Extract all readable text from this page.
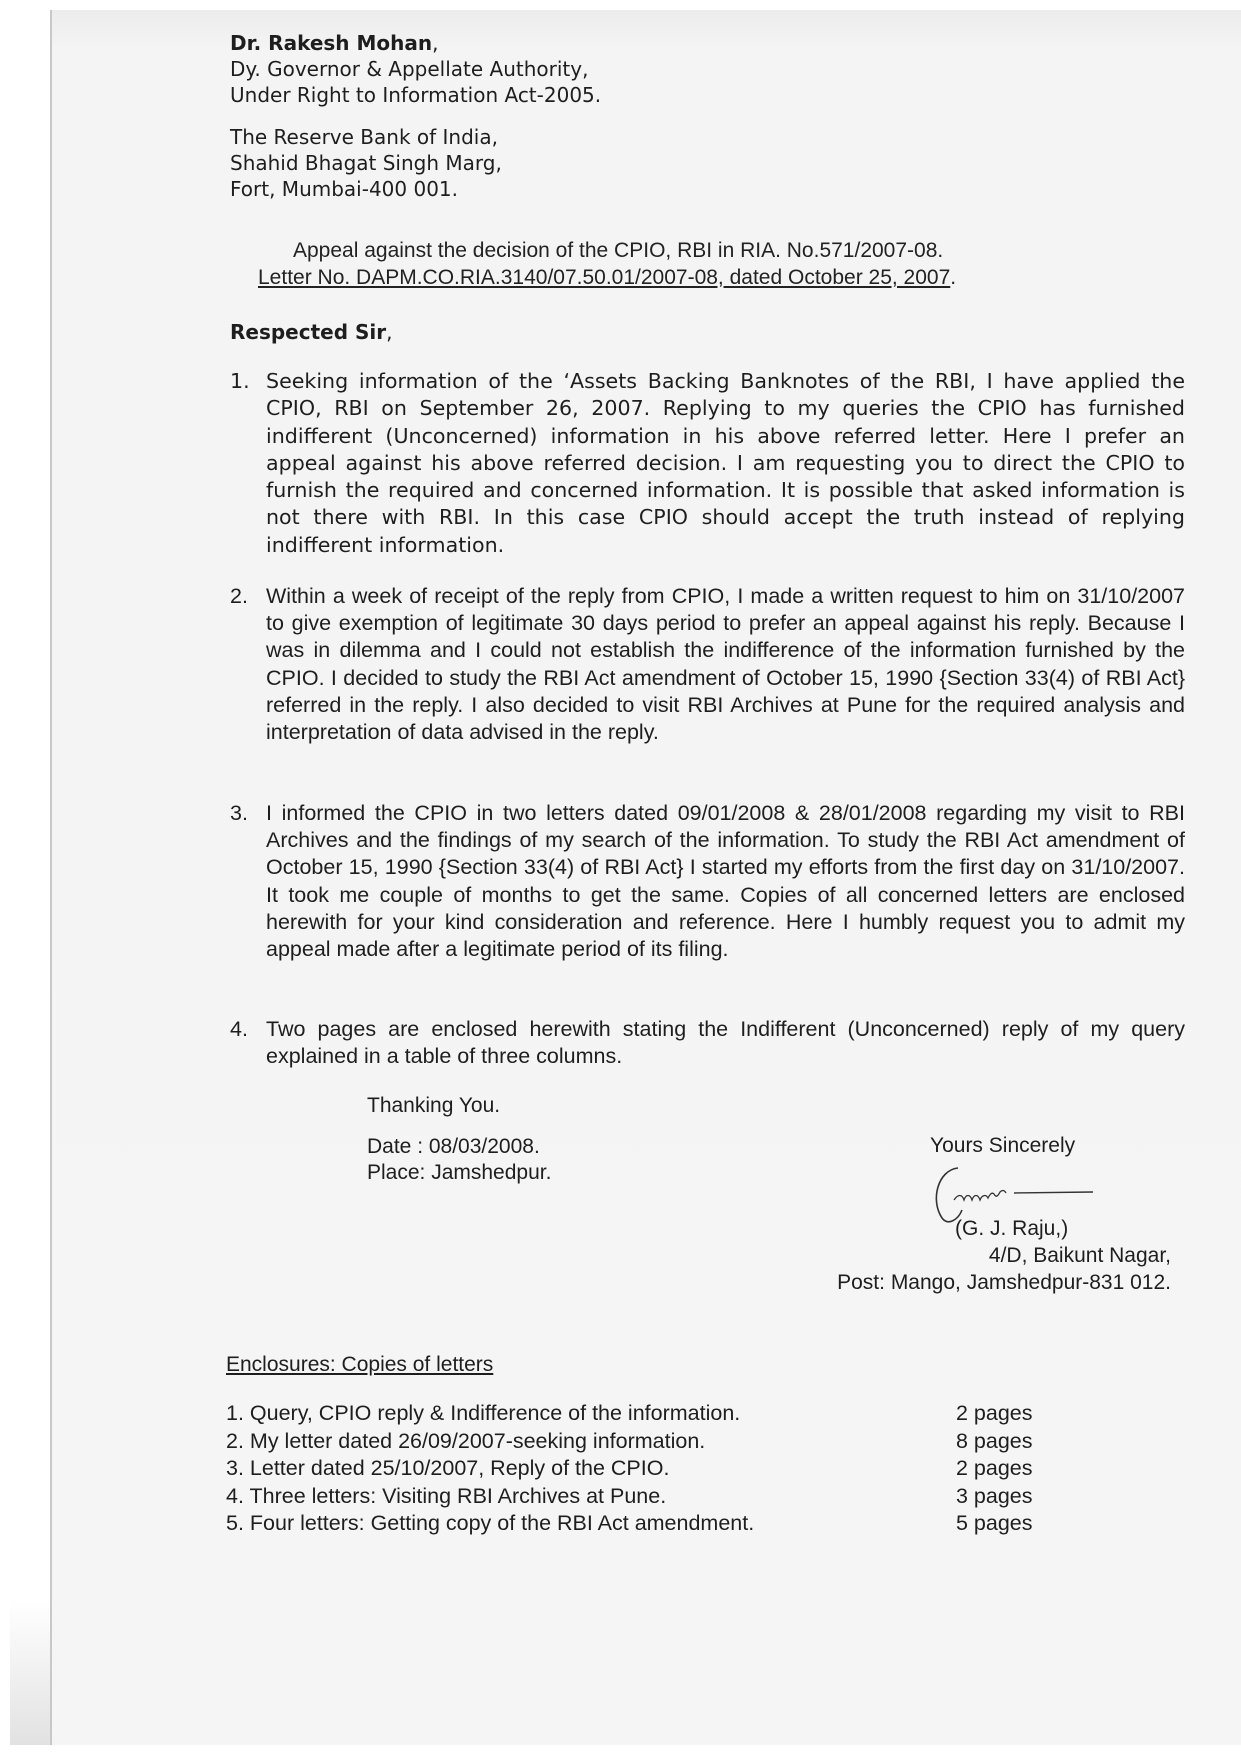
Dr. Rakesh Mohan,
Dy. Governor & Appellate Authority,
Under Right to Information Act-2005.
The Reserve Bank of India,
Shahid Bhagat Singh Marg,
Fort, Mumbai-400 001.
Appeal against the decision of the CPIO, RBI in RIA. No.571/2007-08.
Letter No. DAPM.CO.RIA.3140/07.50.01/2007-08, dated October 25, 2007.
Respected Sir,
1. Seeking information of the ‘Assets Backing Banknotes of the RBI, I have applied the CPIO, RBI on September 26, 2007. Replying to my queries the CPIO has furnished indifferent (Unconcerned) information in his above referred letter. Here I prefer an appeal against his above referred decision. I am requesting you to direct the CPIO to furnish the required and concerned information. It is possible that asked information is not there with RBI. In this case CPIO should accept the truth instead of replying indifferent information.
2. Within a week of receipt of the reply from CPIO, I made a written request to him on 31/10/2007 to give exemption of legitimate 30 days period to prefer an appeal against his reply. Because I was in dilemma and I could not establish the indifference of the information furnished by the CPIO. I decided to study the RBI Act amendment of October 15, 1990 {Section 33(4) of RBI Act} referred in the reply. I also decided to visit RBI Archives at Pune for the required analysis and interpretation of data advised in the reply.
3. I informed the CPIO in two letters dated 09/01/2008 & 28/01/2008 regarding my visit to RBI Archives and the findings of my search of the information. To study the RBI Act amendment of October 15, 1990 {Section 33(4) of RBI Act} I started my efforts from the first day on 31/10/2007. It took me couple of months to get the same. Copies of all concerned letters are enclosed herewith for your kind consideration and reference. Here I humbly request you to admit my appeal made after a legitimate period of its filing.
4. Two pages are enclosed herewith stating the Indifferent (Unconcerned) reply of my query explained in a table of three columns.
Thanking You.
Date : 08/03/2008.
Place: Jamshedpur.
Yours Sincerely
(G. J. Raju,)
4/D, Baikunt Nagar,
Post: Mango, Jamshedpur-831 012.
Enclosures: Copies of letters
1. Query, CPIO reply & Indifference of the information.	2 pages
2. My letter dated 26/09/2007-seeking information.	8 pages
3. Letter dated 25/10/2007, Reply of the CPIO.	2 pages
4. Three letters: Visiting RBI Archives at Pune.	3 pages
5. Four letters: Getting copy of the RBI Act amendment.	5 pages
